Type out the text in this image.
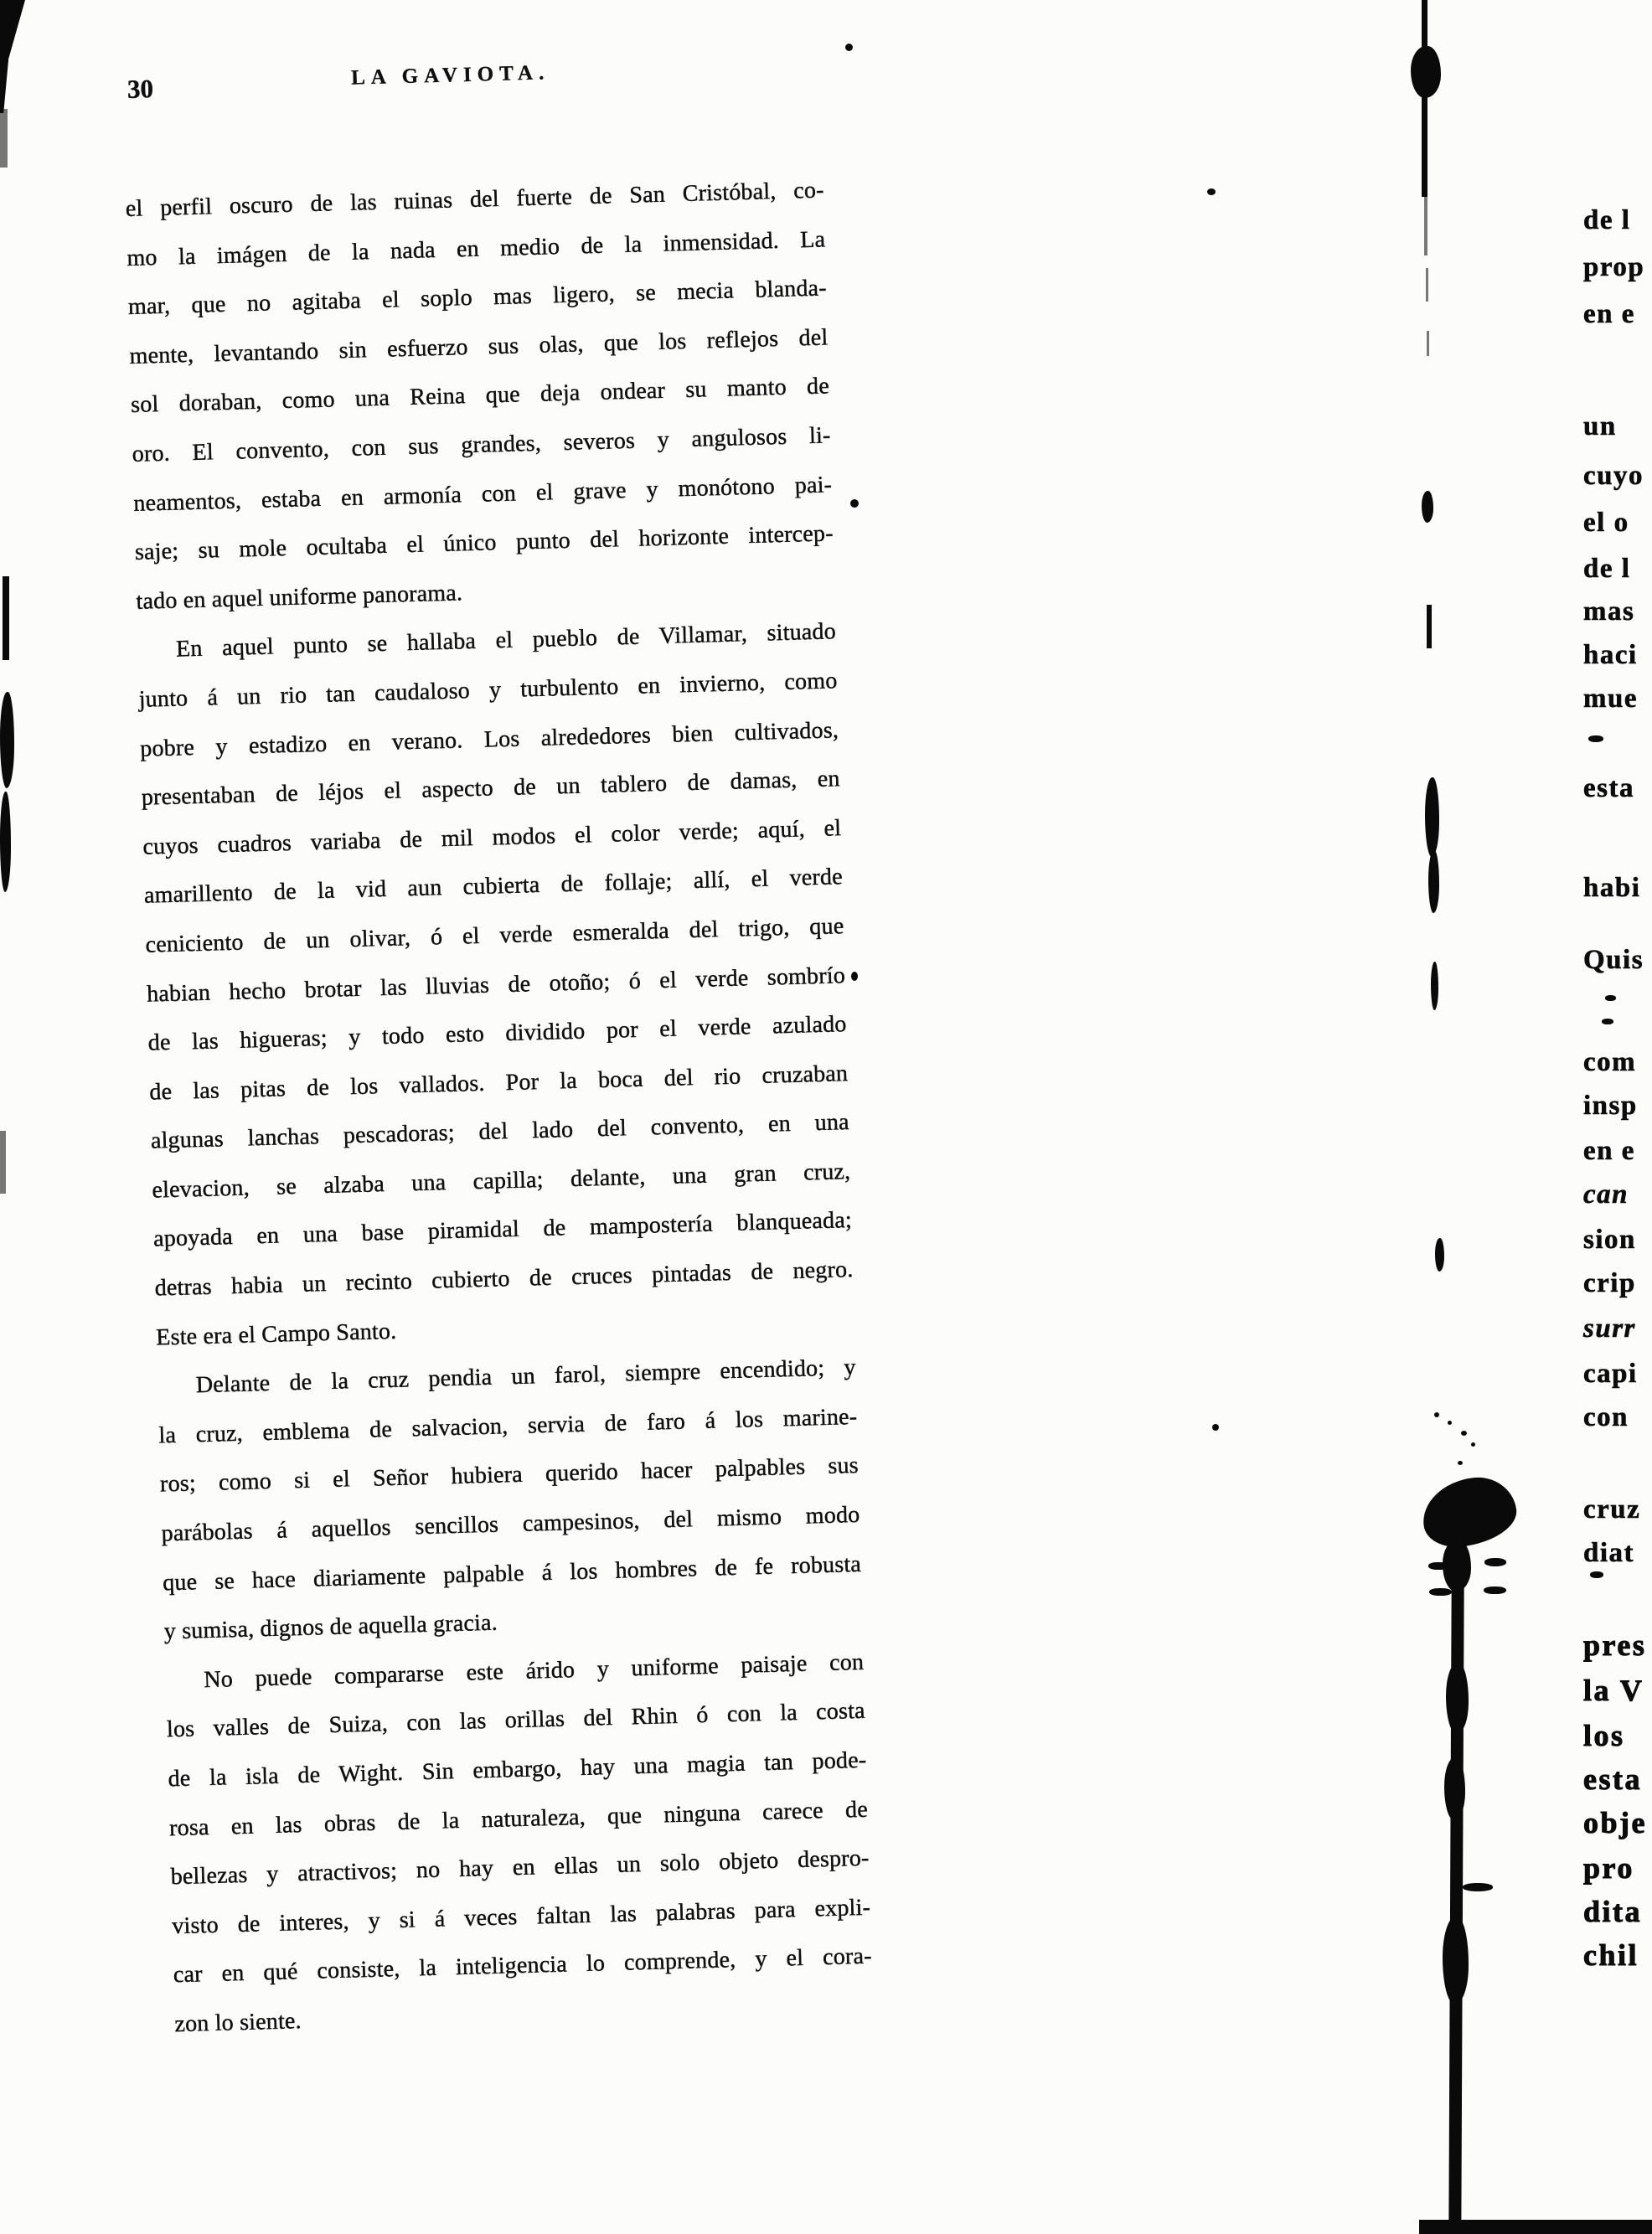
30	LA GAVIOTA.
el perfil oscuro de las ruinas del fuerte de San Cristóbal, co-
mo la imágen de la nada en medio de la inmensidad. La
mar, que no agitaba el soplo mas ligero, se mecia blanda-
mente, levantando sin esfuerzo sus olas, que los reflejos del
sol doraban, como una Reina que deja ondear su manto de
oro. El convento, con sus grandes, severos y angulosos li-
neamentos, estaba en armonía con el grave y monótono pai-
saje; su mole ocultaba el único punto del horizonte intercep-
tado en aquel uniforme panorama.
En aquel punto se hallaba el pueblo de Villamar, situado
junto á un rio tan caudaloso y turbulento en invierno, como
pobre y estadizo en verano. Los alrededores bien cultivados,
presentaban de léjos el aspecto de un tablero de damas, en
cuyos cuadros variaba de mil modos el color verde; aquí, el
amarillento de la vid aun cubierta de follaje; allí, el verde
ceniciento de un olivar, ó el verde esmeralda del trigo, que
habian hecho brotar las lluvias de otoño; ó el verde sombrío
de las higueras; y todo esto dividido por el verde azulado
de las pitas de los vallados. Por la boca del rio cruzaban
algunas lanchas pescadoras; del lado del convento, en una
elevacion, se alzaba una capilla; delante, una gran cruz,
apoyada en una base piramidal de mampostería blanqueada;
detras habia un recinto cubierto de cruces pintadas de negro.
Este era el Campo Santo.
Delante de la cruz pendia un farol, siempre encendido; y
la cruz, emblema de salvacion, servia de faro á los marine-
ros; como si el Señor hubiera querido hacer palpables sus
parábolas á aquellos sencillos campesinos, del mismo modo
que se hace diariamente palpable á los hombres de fe robusta
y sumisa, dignos de aquella gracia.
No puede compararse este árido y uniforme paisaje con
los valles de Suiza, con las orillas del Rhin ó con la costa
de la isla de Wight. Sin embargo, hay una magia tan pode-
rosa en las obras de la naturaleza, que ninguna carece de
bellezas y atractivos; no hay en ellas un solo objeto despro-
visto de interes, y si á veces faltan las palabras para expli-
car en qué consiste, la inteligencia lo comprende, y el cora-
zon lo siente.
de l
prop
en e
un
cuyo
el o
de l
mas
haci
mue
esta
habi
Quis
com
insp
en e
can
sion
crip
surr
capi
con
cruz
diat
pres
la V
los
esta
obje
pro
dita
chil
